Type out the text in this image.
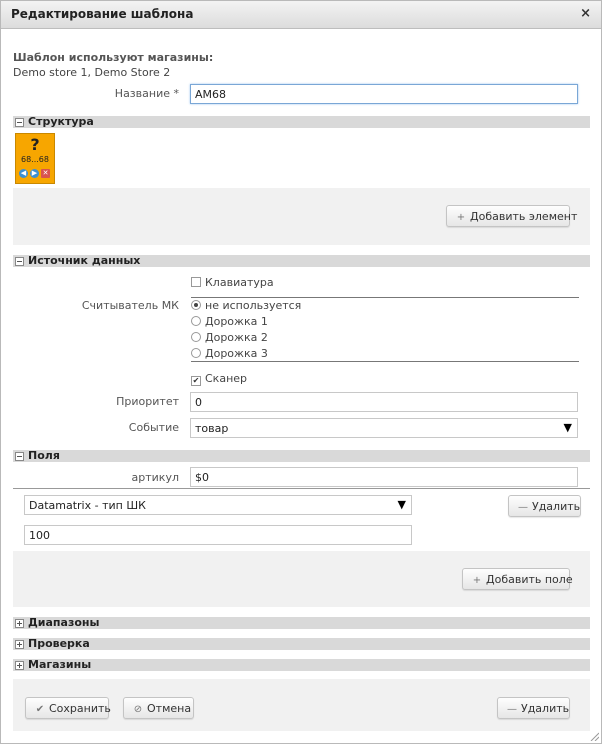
Редактирование шаблона	×
Шаблон используют магазины:
Demo store 1, Demo Store 2
Название *	AM68
Структура
?
68...68
◀ ▶ ✕
+ Добавить элемент
Источник данных
Клавиатура
Считыватель МК	не используется
Дорожка 1
Дорожка 2
Дорожка 3
✔ Сканер
Приоритет	0
Событие	товар	▼
Поля
артикул	$0
Datamatrix - тип ШК	▼	— Удалить
100
+ Добавить поле
Диапазоны
Проверка
Магазины
✔ Сохранить	⊘ Отмена	— Удалить
